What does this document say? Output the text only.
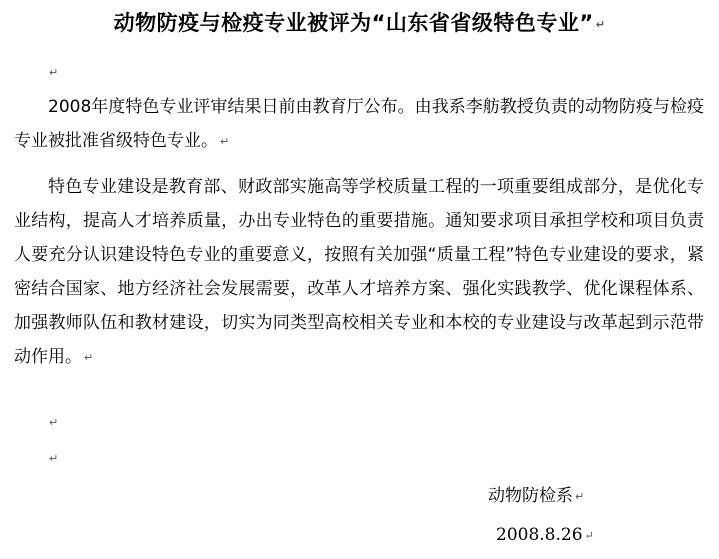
动物防疫与检疫专业被评为“山东省省级特色专业” ↵
↵
2008年度特色专业评审结果日前由教育厅公布。由我系李舫教授负责的动物防疫与检疫专业被批准省级特色专业。 ↵
特色专业建设是教育部、财政部实施高等学校质量工程的一项重要组成部分，是优化专业结构，提高人才培养质量，办出专业特色的重要措施。通知要求项目承担学校和项目负责人要充分认识建设特色专业的重要意义，按照有关加强“质量工程”特色专业建设的要求，紧密结合国家、地方经济社会发展需要，改革人才培养方案、强化实践教学、优化课程体系、加强教师队伍和教材建设，切实为同类型高校相关专业和本校的专业建设与改革起到示范带动作用。 ↵
↵
↵
动物防检系 ↵
2008.8.26 ↵
